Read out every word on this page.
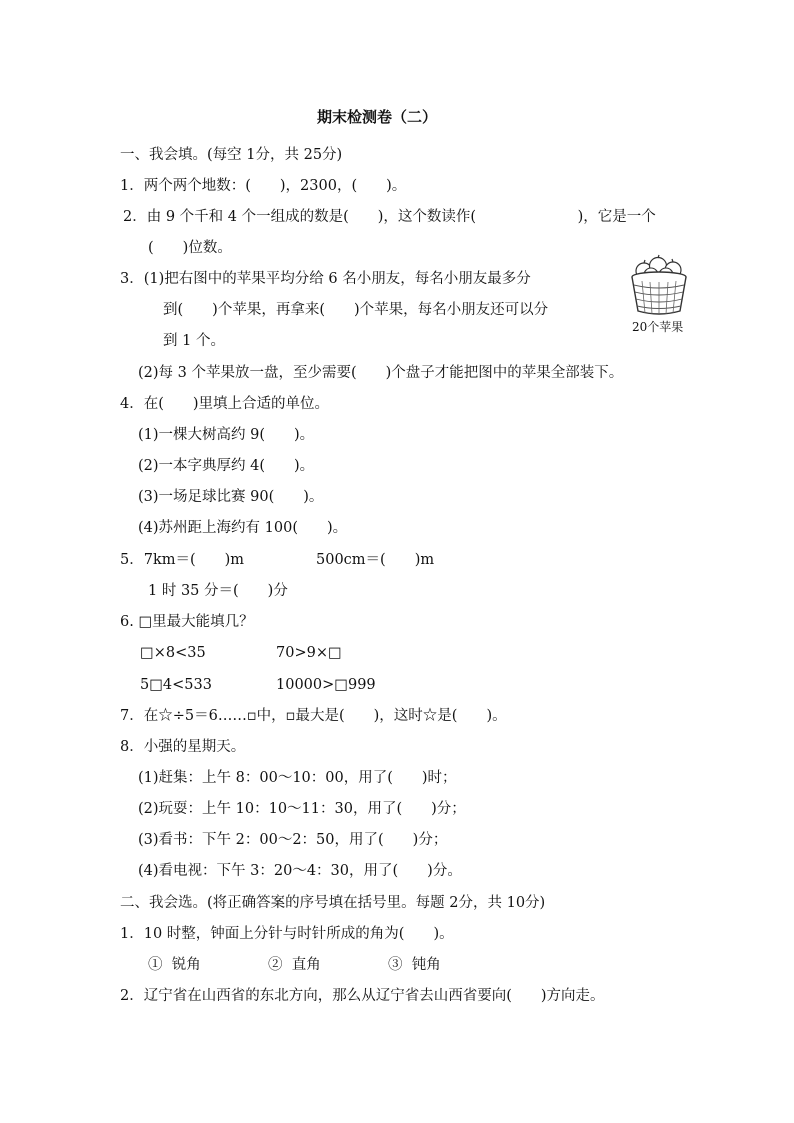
期末检测卷（二）
一、我会填。(每空 1分，共 25分)
1．两个两个地数：(　　)，2300，(　　)。
2．由 9 个千和 4 个一组成的数是(　　)，这个数读作(　　　　　　　)，它是一个
(　　)位数。
3．(1)把右图中的苹果平均分给 6 名小朋友，每名小朋友最多分
到(　　)个苹果，再拿来(　　)个苹果，每名小朋友还可以分
到 1 个。
(2)每 3 个苹果放一盘，至少需要(　　)个盘子才能把图中的苹果全部装下。
20个苹果
4．在(　　)里填上合适的单位。
(1)一棵大树高约 9(　　)。
(2)一本字典厚约 4(　　)。
(3)一场足球比赛 90(　　)。
(4)苏州距上海约有 100(　　)。
5．7km＝(　　)m	500cm＝(　　)m
1 时 35 分＝(　　)分
6. □里最大能填几？
□×8<35	70>9×□
5□4<533	10000>□999
7．在☆÷5＝6……▫中，▫最大是(　　)，这时☆是(　　)。
8．小强的星期天。
(1)赶集：上午 8：00～10：00，用了(　　)时；
(2)玩耍：上午 10：10～11：30，用了(　　)分；
(3)看书：下午 2：00～2：50，用了(　　)分；
(4)看电视：下午 3：20～4：30，用了(　　)分。
二、我会选。(将正确答案的序号填在括号里。每题 2分，共 10分)
1．10 时整，钟面上分针与时针所成的角为(　　)。
①  锐角	②  直角	③  钝角
2．辽宁省在山西省的东北方向，那么从辽宁省去山西省要向(　　)方向走。
